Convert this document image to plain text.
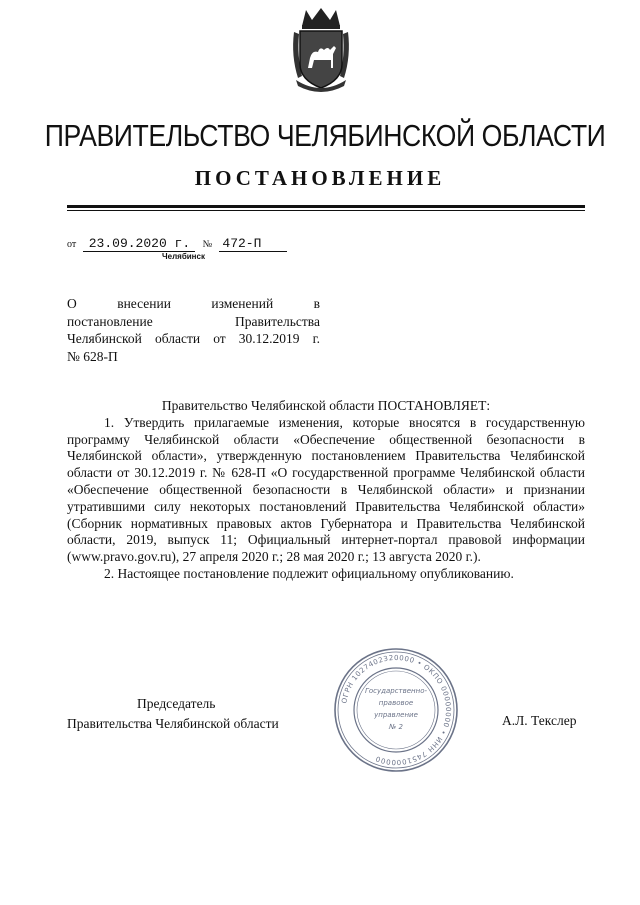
ПРАВИТЕЛЬСТВО ЧЕЛЯБИНСКОЙ ОБЛАСТИ
ПОСТАНОВЛЕНИЕ
от 23.09.2020 г. № 472-П
Челябинск
О внесении изменений в
постановление Правительства
Челябинской области от 30.12.2019 г.
№ 628-П
Правительство Челябинской области ПОСТАНОВЛЯЕТ:
1. Утвердить прилагаемые изменения, которые вносятся в государственную программу Челябинской области «Обеспечение общественной безопасности в Челябинской области», утвержденную постановлением Правительства Челябинской области от 30.12.2019 г. № 628-П «О государственной программе Челябинской области «Обеспечение общественной безопасности в Челябинской области» и признании утратившими силу некоторых постановлений Правительства Челябинской области» (Сборник нормативных правовых актов Губернатора и Правительства Челябинской области, 2019, выпуск 11; Официальный интернет-портал правовой информации (www.pravo.gov.ru), 27 апреля 2020 г.; 28 мая 2020 г.; 13 августа 2020 г.).
2. Настоящее постановление подлежит официальному опубликованию.
Председатель
Правительства Челябинской области
ОГРН 1027402320000 • ОКПО 00000000 • ИНН 7451000000
Государственно-
правовое
управление
№ 2	А.Л. Текслер
